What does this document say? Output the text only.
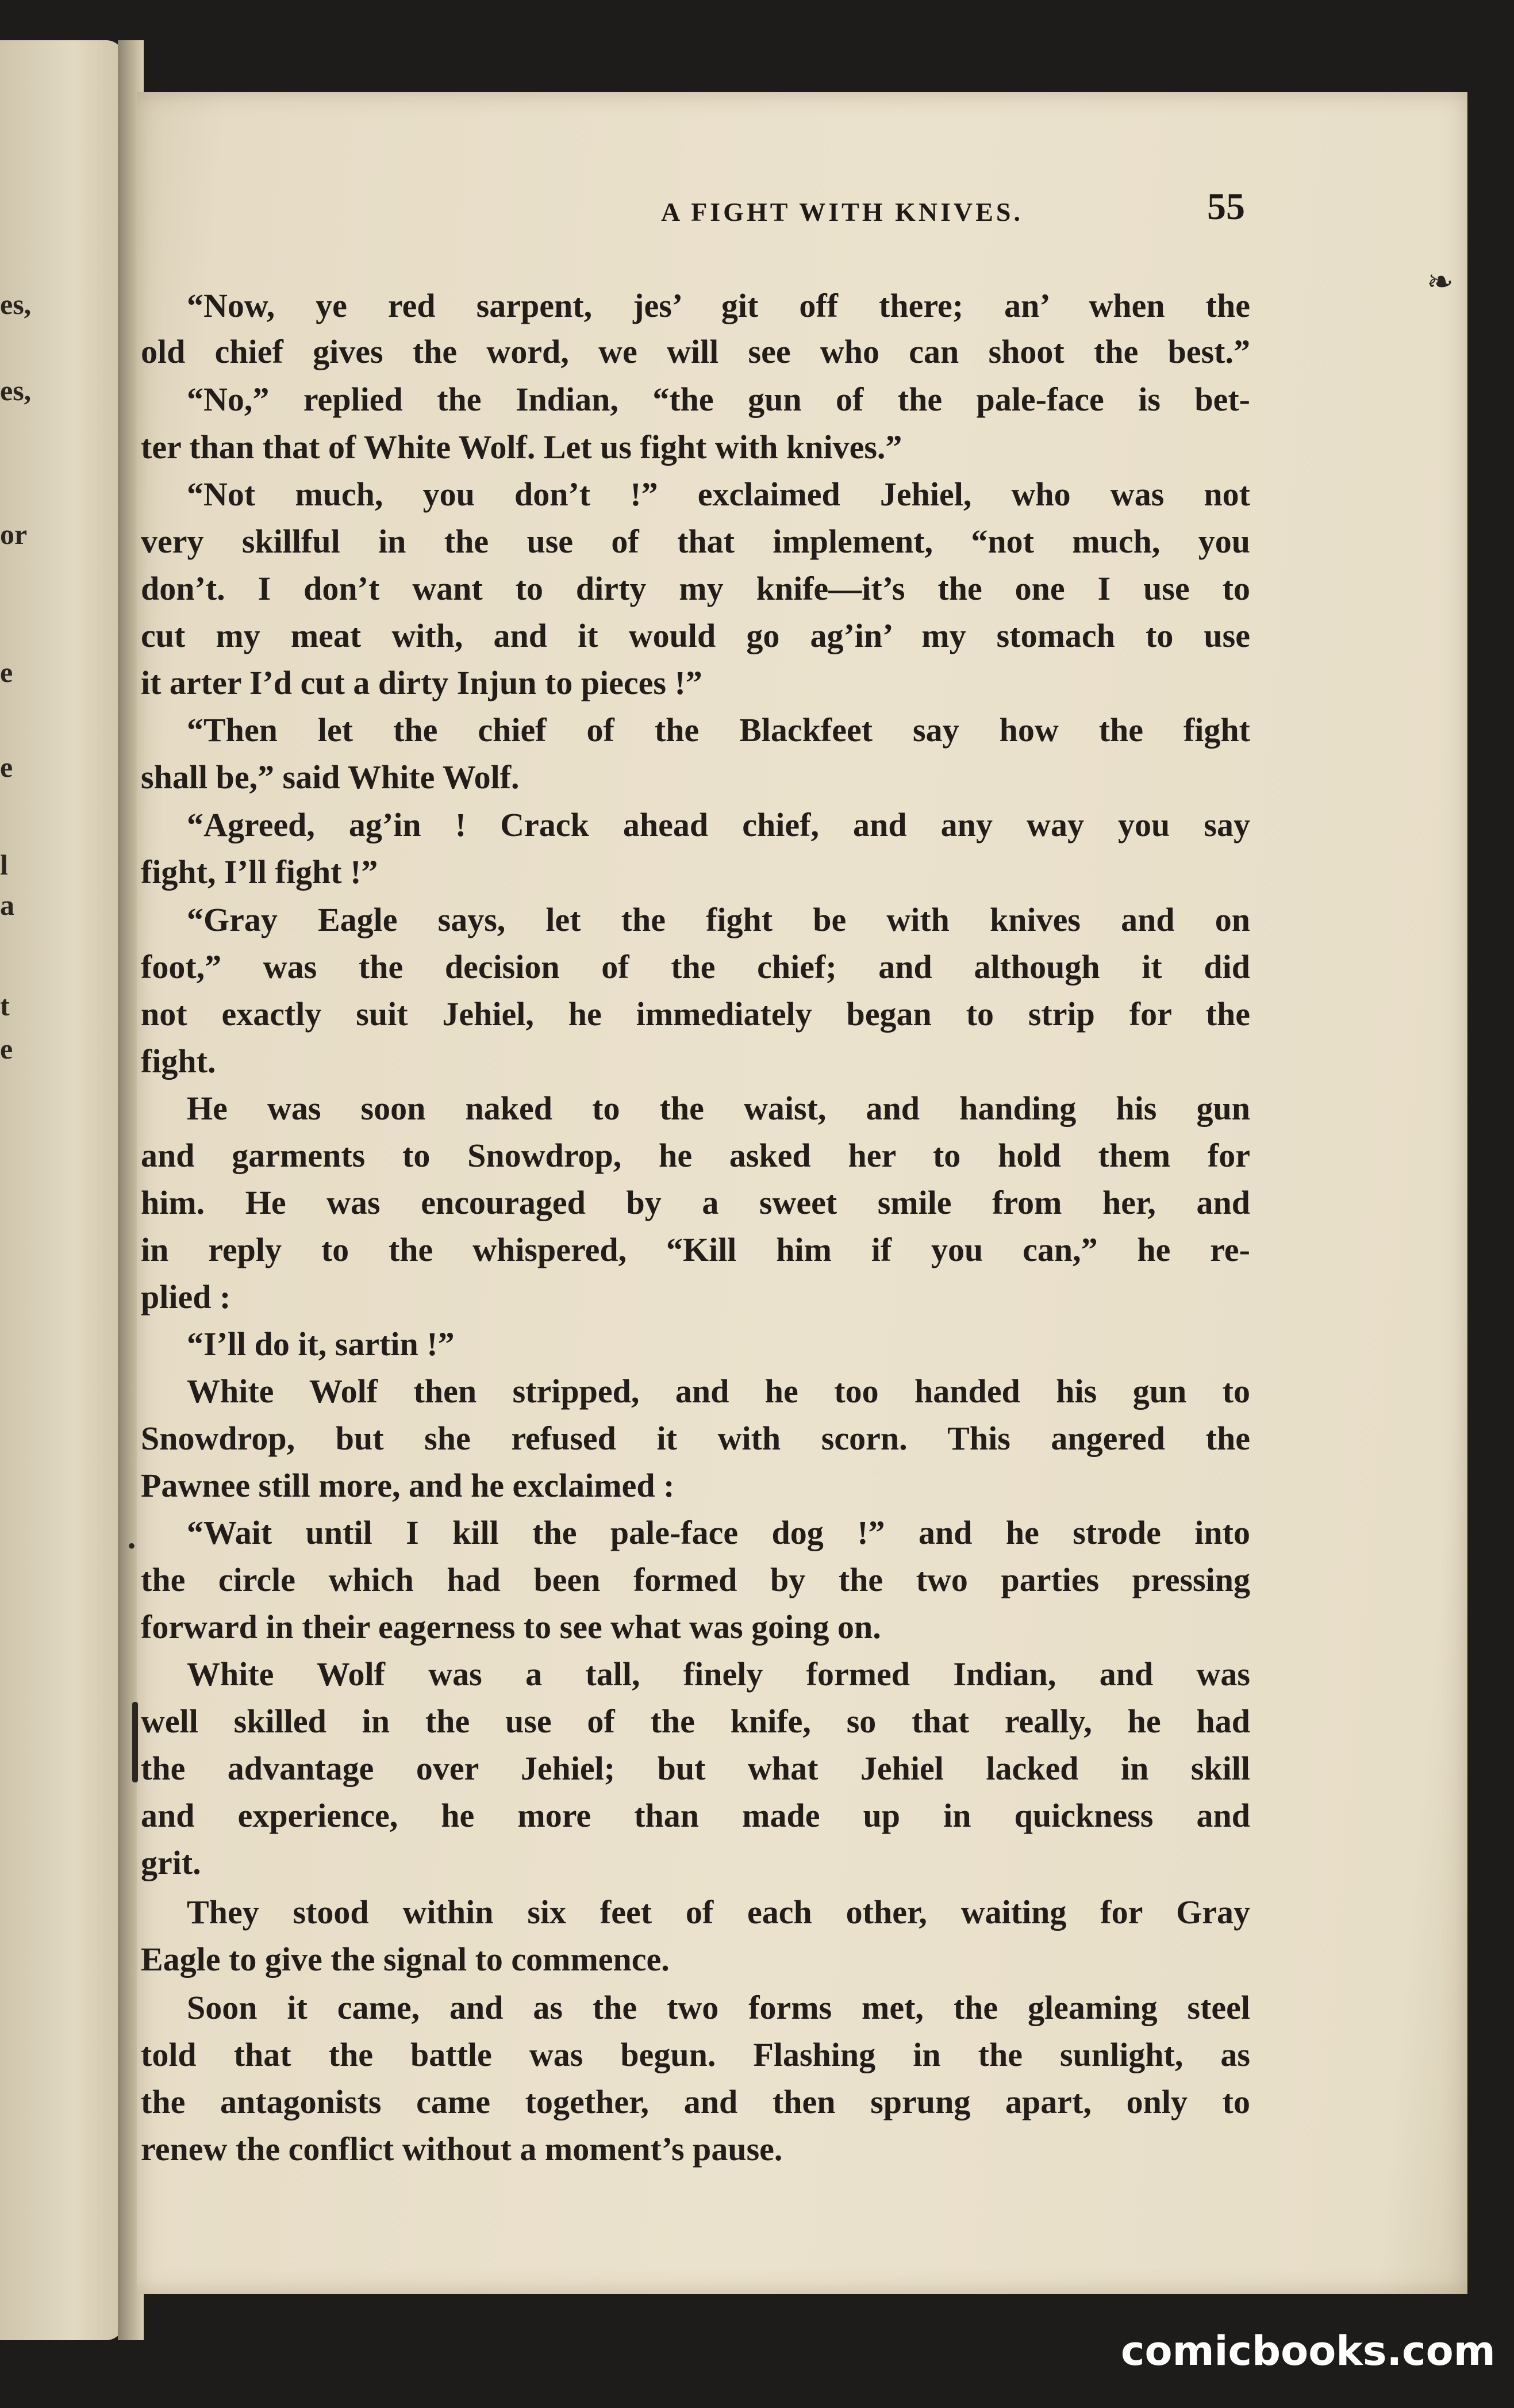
es,
es,
or
e
e
l
a
t
e
A FIGHT WITH KNIVES.	55
❧
•
“Now, ye red sarpent, jes’ git off there; an’ when the
old chief gives the word, we will see who can shoot the best.”
“No,” replied the Indian, “the gun of the pale-face is bet-
ter than that of White Wolf. Let us fight with knives.”
“Not much, you don’t !” exclaimed Jehiel, who was not
very skillful in the use of that implement, “not much, you
don’t. I don’t want to dirty my knife—it’s the one I use to
cut my meat with, and it would go ag’in’ my stomach to use
it arter I’d cut a dirty Injun to pieces !”
“Then let the chief of the Blackfeet say how the fight
shall be,” said White Wolf.
“Agreed, ag’in ! Crack ahead chief, and any way you say
fight, I’ll fight !”
“Gray Eagle says, let the fight be with knives and on
foot,” was the decision of the chief; and although it did
not exactly suit Jehiel, he immediately began to strip for the
fight.
He was soon naked to the waist, and handing his gun
and garments to Snowdrop, he asked her to hold them for
him. He was encouraged by a sweet smile from her, and
in reply to the whispered, “Kill him if you can,” he re-
plied :
“I’ll do it, sartin !”
White Wolf then stripped, and he too handed his gun to
Snowdrop, but she refused it with scorn. This angered the
Pawnee still more, and he exclaimed :
“Wait until I kill the pale-face dog !” and he strode into
the circle which had been formed by the two parties pressing
forward in their eagerness to see what was going on.
White Wolf was a tall, finely formed Indian, and was
well skilled in the use of the knife, so that really, he had
the advantage over Jehiel; but what Jehiel lacked in skill
and experience, he more than made up in quickness and
grit.
They stood within six feet of each other, waiting for Gray
Eagle to give the signal to commence.
Soon it came, and as the two forms met, the gleaming steel
told that the battle was begun. Flashing in the sunlight, as
the antagonists came together, and then sprung apart, only to
renew the conflict without a moment’s pause.
comicbooks.com
